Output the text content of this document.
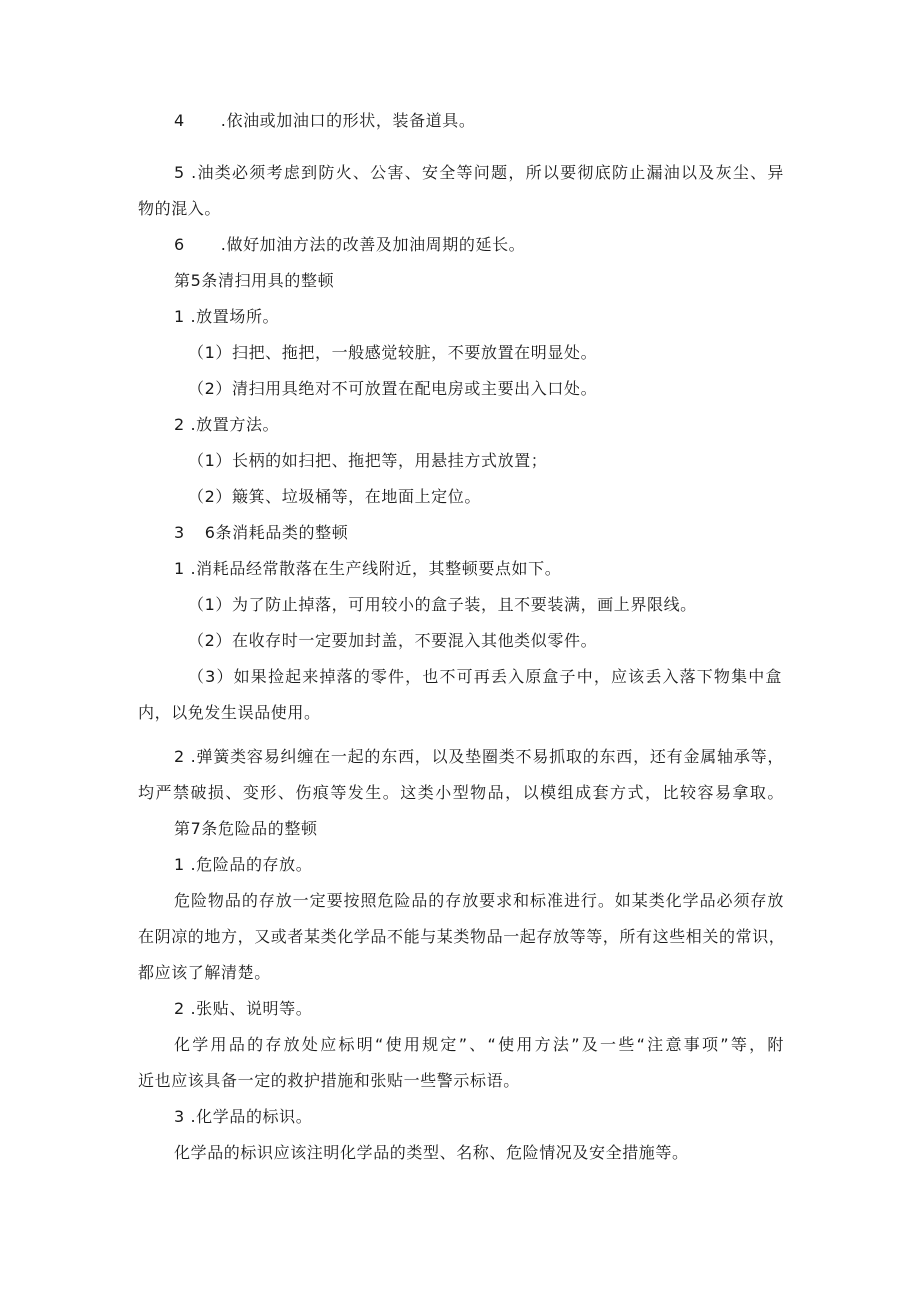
4 .依油或加油口的形状，装备道具。
5 .油类必须考虑到防火、公害、安全等问题，所以要彻底防止漏油以及灰尘、异
物的混入。
6 .做好加油方法的改善及加油周期的延长。
第5条清扫用具的整顿
1 .放置场所。
（1）扫把、拖把，一般感觉较脏，不要放置在明显处。
（2）清扫用具绝对不可放置在配电房或主要出入口处。
2 .放置方法。
（1）长柄的如扫把、拖把等，用悬挂方式放置；
（2）簸箕、垃圾桶等，在地面上定位。
3 6条消耗品类的整顿
1 .消耗品经常散落在生产线附近，其整顿要点如下。
（1）为了防止掉落，可用较小的盒子装，且不要装满，画上界限线。
（2）在收存时一定要加封盖，不要混入其他类似零件。
（3）如果捡起来掉落的零件，也不可再丢入原盒子中，应该丢入落下物集中盒
内，以免发生误品使用。
2 .弹簧类容易纠缠在一起的东西，以及垫圈类不易抓取的东西，还有金属轴承等，
均严禁破损、变形、伤痕等发生。这类小型物品，以模组成套方式，比较容易拿取。
第7条危险品的整顿
1 .危险品的存放。
危险物品的存放一定要按照危险品的存放要求和标准进行。如某类化学品必须存放
在阴凉的地方，又或者某类化学品不能与某类物品一起存放等等，所有这些相关的常识，
都应该了解清楚。
2 .张贴、说明等。
化学用品的存放处应标明“使用规定”、“使用方法”及一些“注意事项”等，附
近也应该具备一定的救护措施和张贴一些警示标语。
3 .化学品的标识。
化学品的标识应该注明化学品的类型、名称、危险情况及安全措施等。
